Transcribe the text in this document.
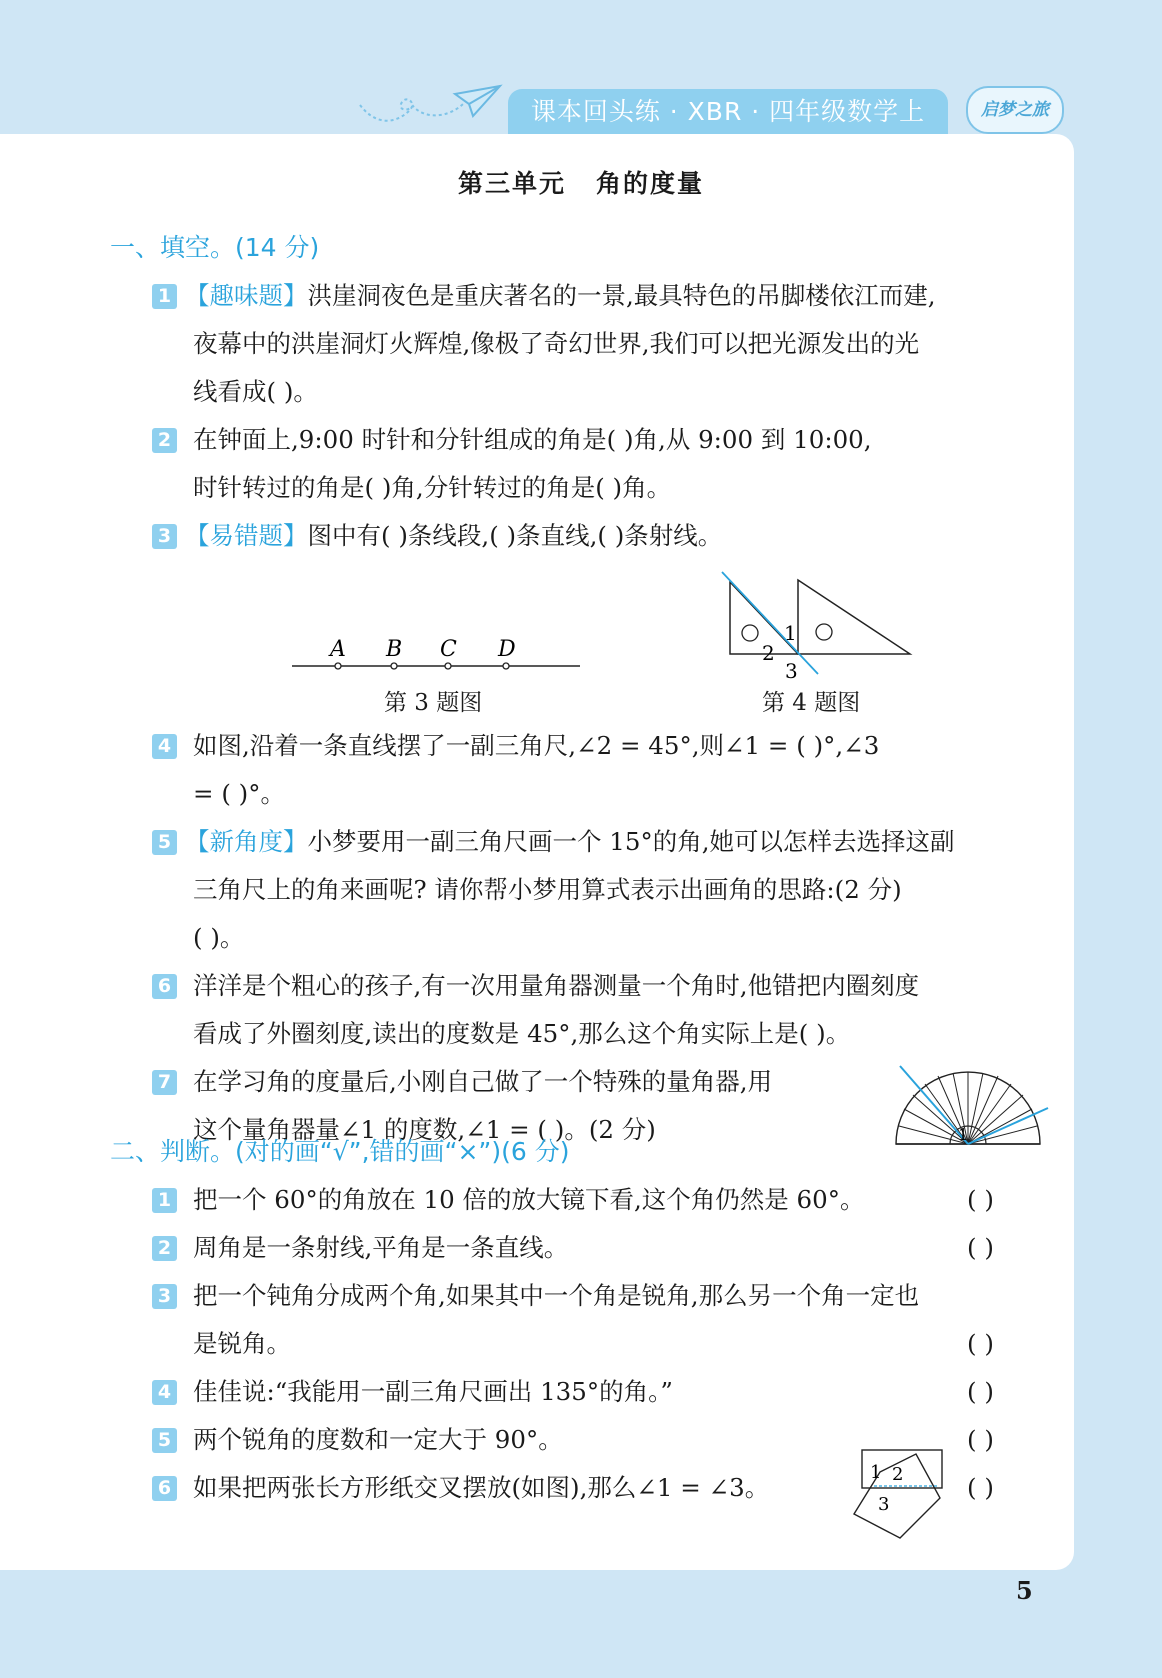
课本回头练 · XBR · 四年级数学上	启梦之旅
第三单元 角的度量
一、填空。(14 分)
1 【趣味题】洪崖洞夜色是重庆著名的一景,最具特色的吊脚楼依江而建,
夜幕中的洪崖洞灯火辉煌,像极了奇幻世界,我们可以把光源发出的光
线看成( )。
2 在钟面上,9:00 时针和分针组成的角是( )角,从 9:00 到 10:00,
时针转过的角是( )角,分针转过的角是( )角。
3 【易错题】图中有( )条线段,( )条直线,( )条射线。
A B C D
第 3 题图
1
2
3
第 4 题图
4 如图,沿着一条直线摆了一副三角尺,∠2 = 45°,则∠1 = ( )°,∠3
= ( )°。
5 【新角度】小梦要用一副三角尺画一个 15°的角,她可以怎样去选择这副
三角尺上的角来画呢? 请你帮小梦用算式表示出画角的思路:(2 分)
( )。
6 洋洋是个粗心的孩子,有一次用量角器测量一个角时,他错把内圈刻度
看成了外圈刻度,读出的度数是 45°,那么这个角实际上是( )。
7 在学习角的度量后,小刚自己做了一个特殊的量角器,用
这个量角器量∠1 的度数,∠1 = ( )。(2 分)	1
二、判断。(对的画“√”,错的画“×”)(6 分)
1 把一个 60°的角放在 10 倍的放大镜下看,这个角仍然是 60°。	( )
2 周角是一条射线,平角是一条直线。	( )
3 把一个钝角分成两个角,如果其中一个角是锐角,那么另一个角一定也
是锐角。	( )
4 佳佳说:“我能用一副三角尺画出 135°的角。”	( )
5 两个锐角的度数和一定大于 90°。	( )
6 如果把两张长方形纸交叉摆放(如图),那么∠1 = ∠3。	( )
1 2
3
5
